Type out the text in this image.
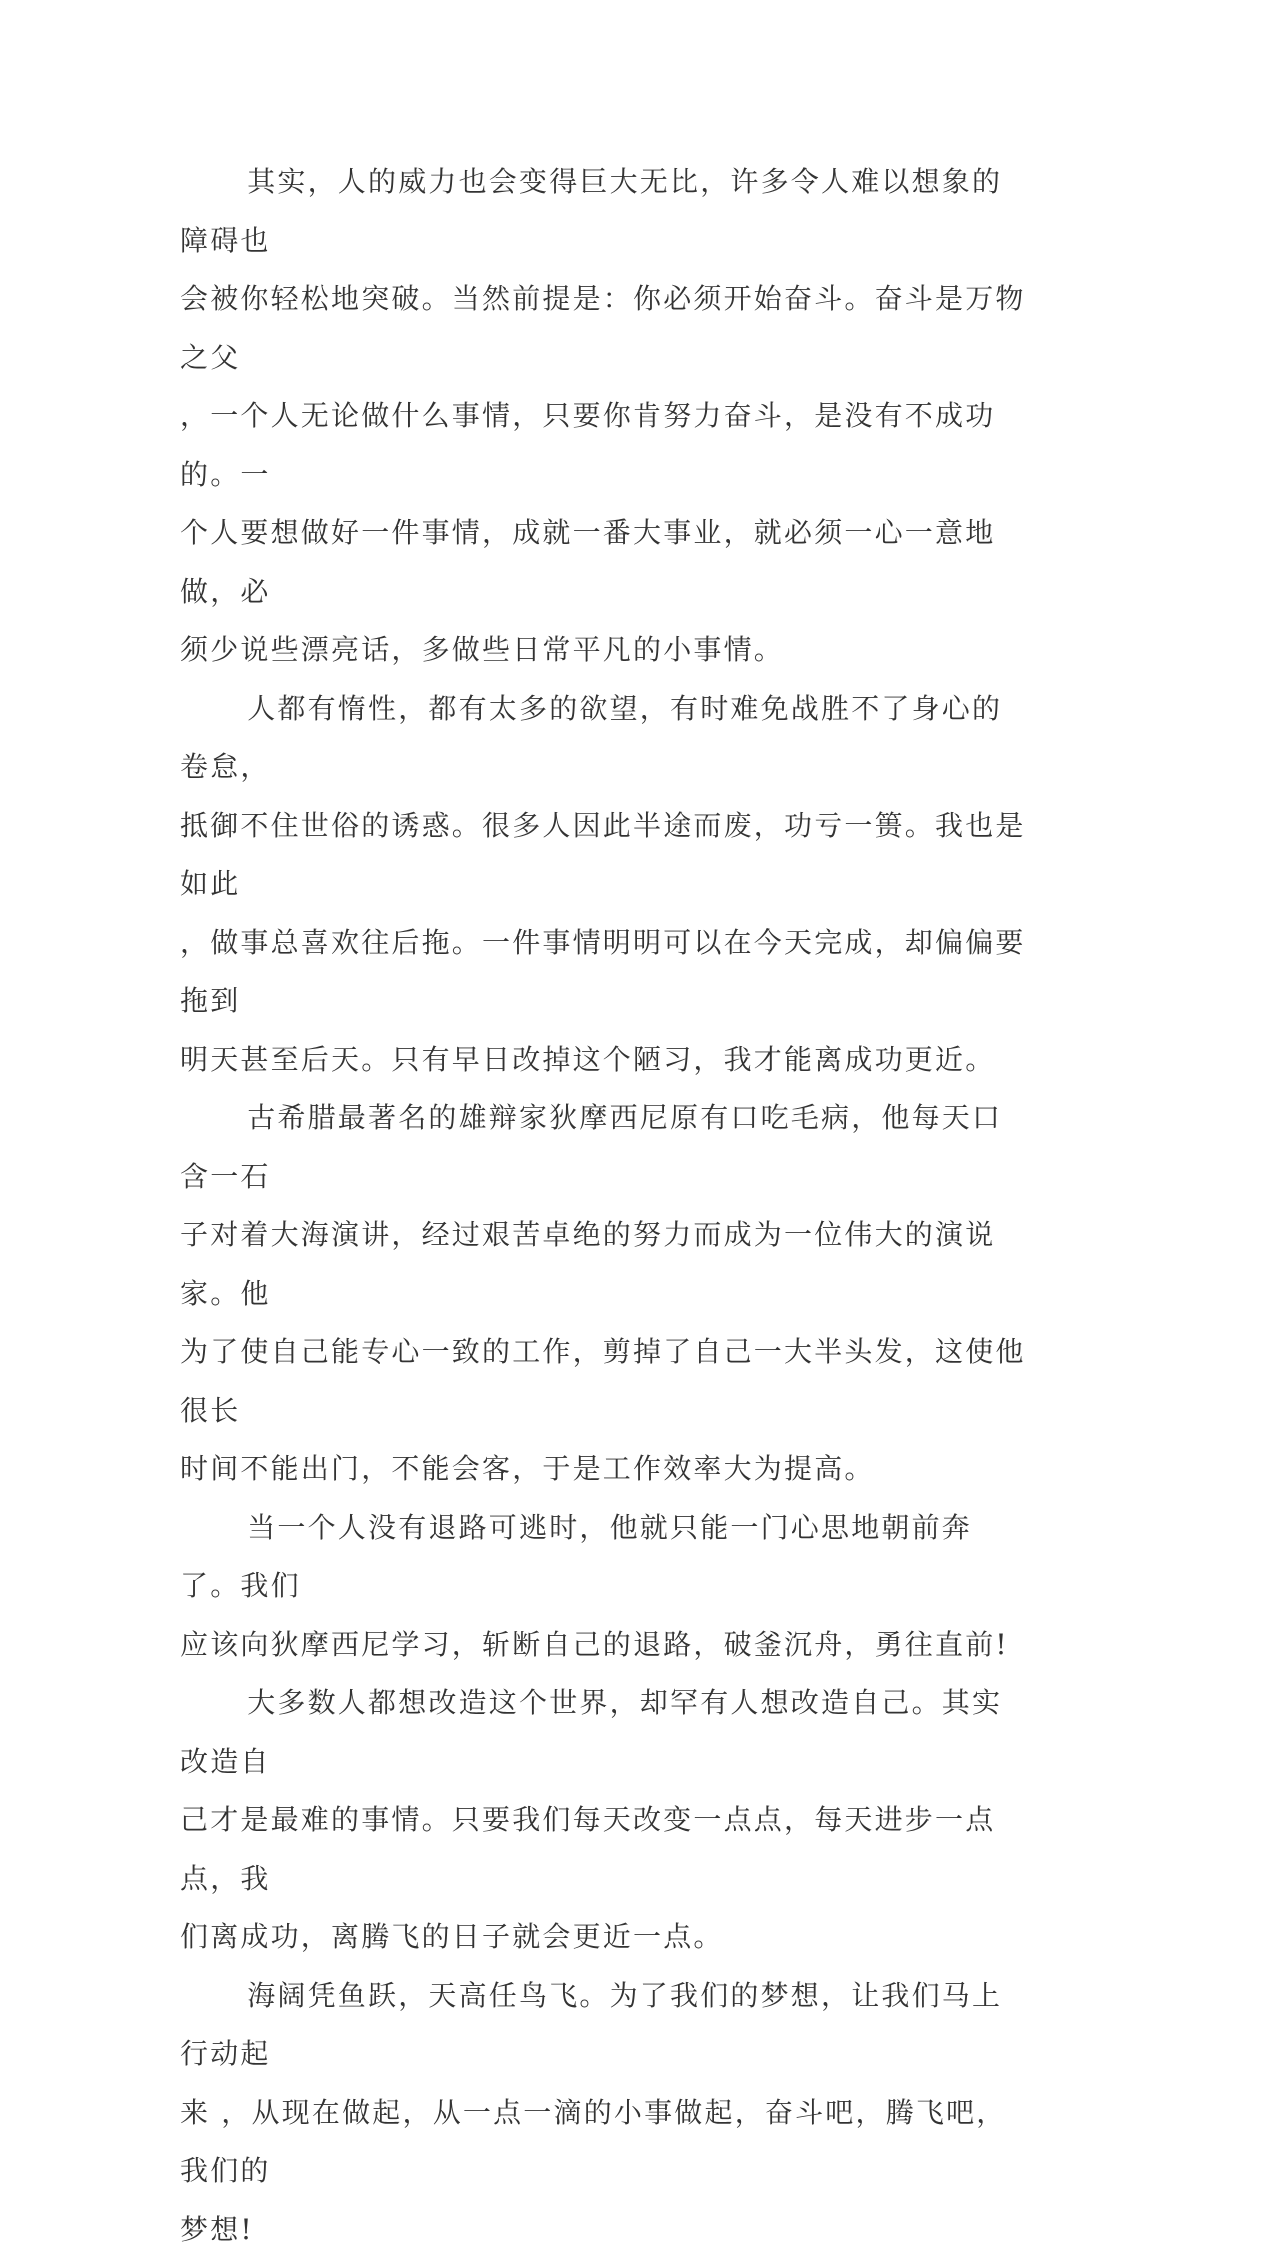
其实，人的威力也会变得巨大无比，许多令人难以想象的障碍也
会被你轻松地突破。当然前提是：你必须开始奋斗。奋斗是万物之父
，一个人无论做什么事情，只要你肯努力奋斗，是没有不成功的。一
个人要想做好一件事情，成就一番大事业，就必须一心一意地做，必
须少说些漂亮话，多做些日常平凡的小事情。

人都有惰性，都有太多的欲望，有时难免战胜不了身心的卷怠，
抵御不住世俗的诱惑。很多人因此半途而废，功亏一篑。我也是如此
，做事总喜欢往后拖。一件事情明明可以在今天完成，却偏偏要拖到
明天甚至后天。只有早日改掉这个陋习，我才能离成功更近。

古希腊最著名的雄辩家狄摩西尼原有口吃毛病，他每天口含一石
子对着大海演讲，经过艰苦卓绝的努力而成为一位伟大的演说家。他
为了使自己能专心一致的工作，剪掉了自己一大半头发，这使他很长
时间不能出门，不能会客，于是工作效率大为提高。

当一个人没有退路可逃时，他就只能一门心思地朝前奔了。我们
应该向狄摩西尼学习，斩断自己的退路，破釜沉舟，勇往直前!

大多数人都想改造这个世界，却罕有人想改造自己。其实改造自
己才是最难的事情。只要我们每天改变一点点，每天进步一点点，我
们离成功，离腾飞的日子就会更近一点。

海阔凭鱼跃，天高任鸟飞。为了我们的梦想，让我们马上行动起
来 ，从现在做起，从一点一滴的小事做起，奋斗吧，腾飞吧，我们的
梦想!
